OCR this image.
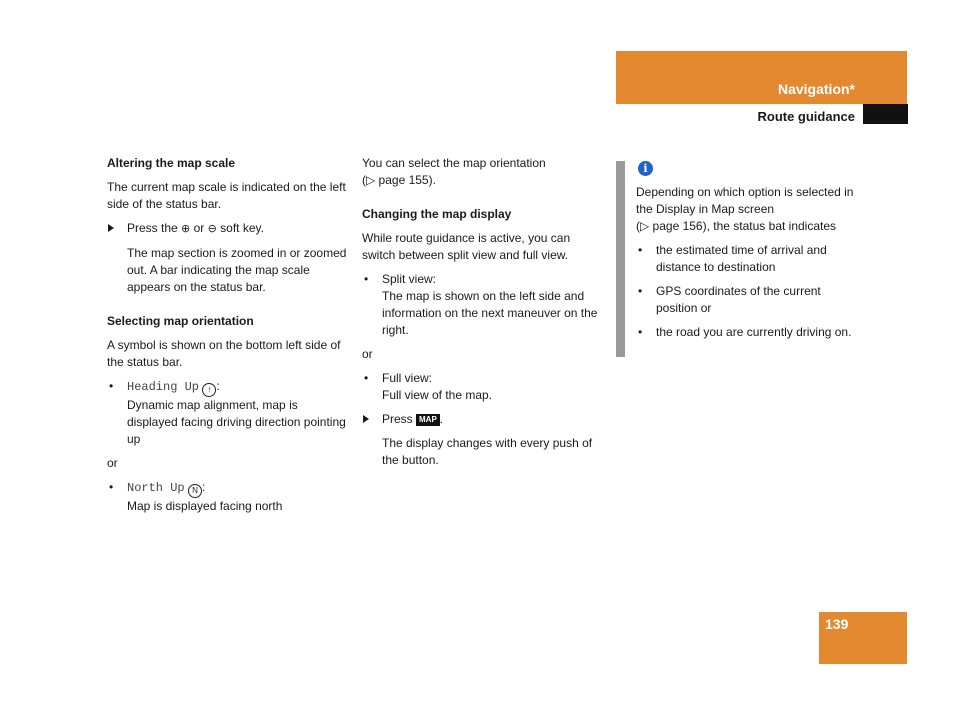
Navigation*
Route guidance
Altering the map scale

The current map scale is indicated on the left side of the status bar.

Press the ⊕ or ⊖ soft key.
The map section is zoomed in or zoomed out. A bar indicating the map scale appears on the status bar.
Selecting map orientation

A symbol is shown on the bottom left side of the status bar.

• Heading Up ↑ :
Dynamic map alignment, map is displayed facing driving direction pointing up

or

• North Up N :
Map is displayed facing north

You can select the map orientation
(▷ page 155).

Changing the map display

While route guidance is active, you can switch between split view and full view.

• Split view:
The map is shown on the left side and information on the next maneuver on the right.

or

• Full view:
Full view of the map.
Press MAP .
The display changes with every push of the button.
i

Depending on which option is selected in the Display in Map screen
(▷ page 156), the status bat indicates

• the estimated time of arrival and distance to destination
• GPS coordinates of the current position or
• the road you are currently driving on.
139
